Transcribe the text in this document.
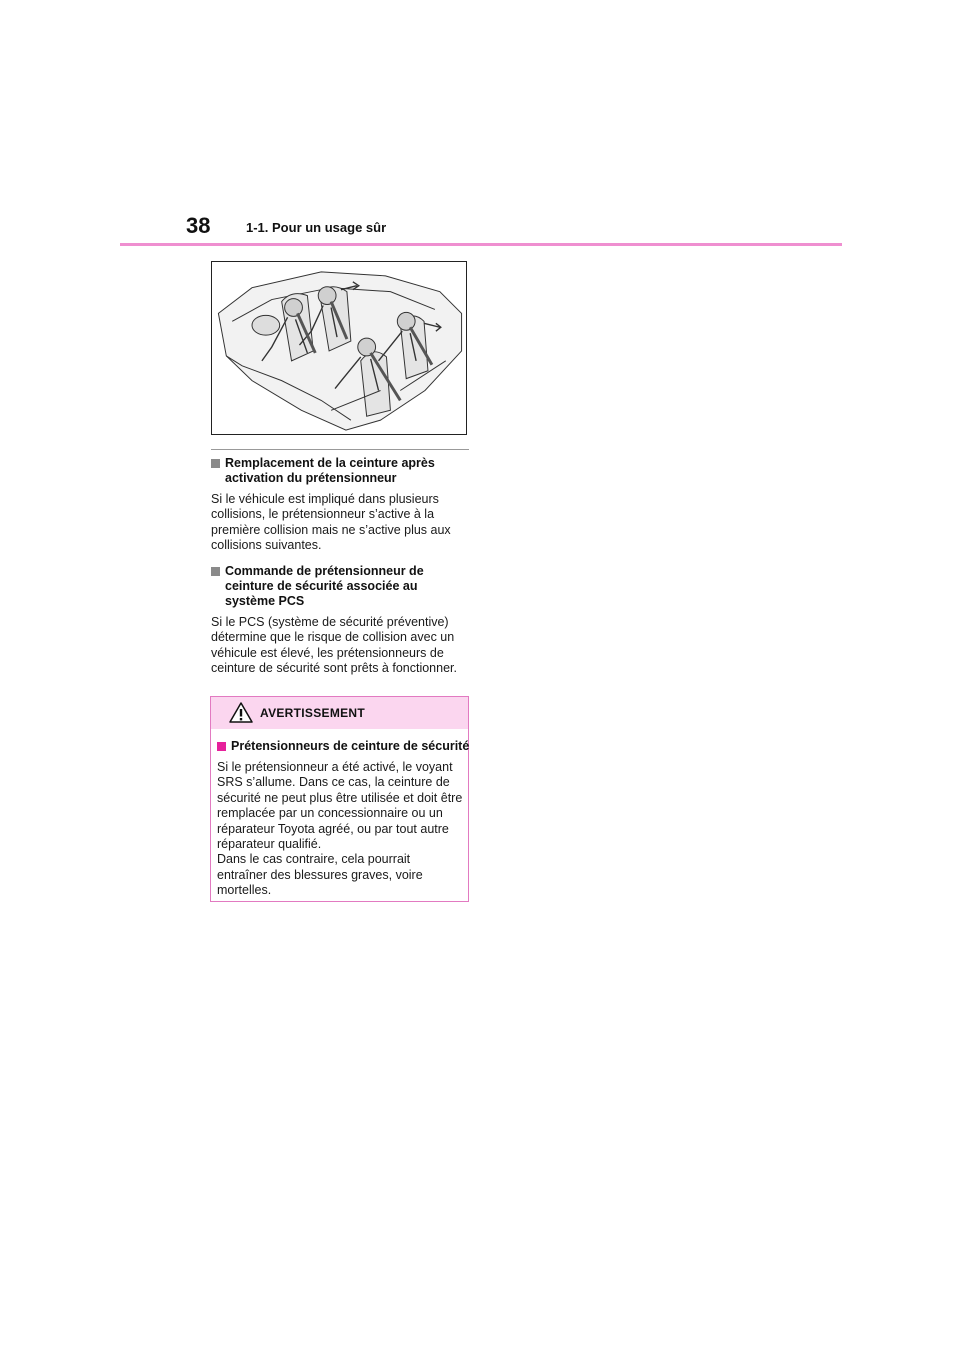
38	1-1. Pour un usage sûr
Remplacement de la ceinture après activation du prétensionneur
Si le véhicule est impliqué dans plusieurs collisions, le prétensionneur s’active à la première collision mais ne s’active plus aux collisions suivantes.
Commande de prétensionneur de ceinture de sécurité associée au système PCS
Si le PCS (système de sécurité préventive) détermine que le risque de collision avec un véhicule est élevé, les prétensionneurs de ceinture de sécurité sont prêts à fonctionner.
AVERTISSEMENT
Prétensionneurs de ceinture de sécurité
Si le prétensionneur a été activé, le voyant SRS s’allume. Dans ce cas, la ceinture de sécurité ne peut plus être utilisée et doit être remplacée par un concessionnaire ou un réparateur Toyota agréé, ou par tout autre réparateur qualifié.
Dans le cas contraire, cela pourrait entraîner des blessures graves, voire mortelles.
